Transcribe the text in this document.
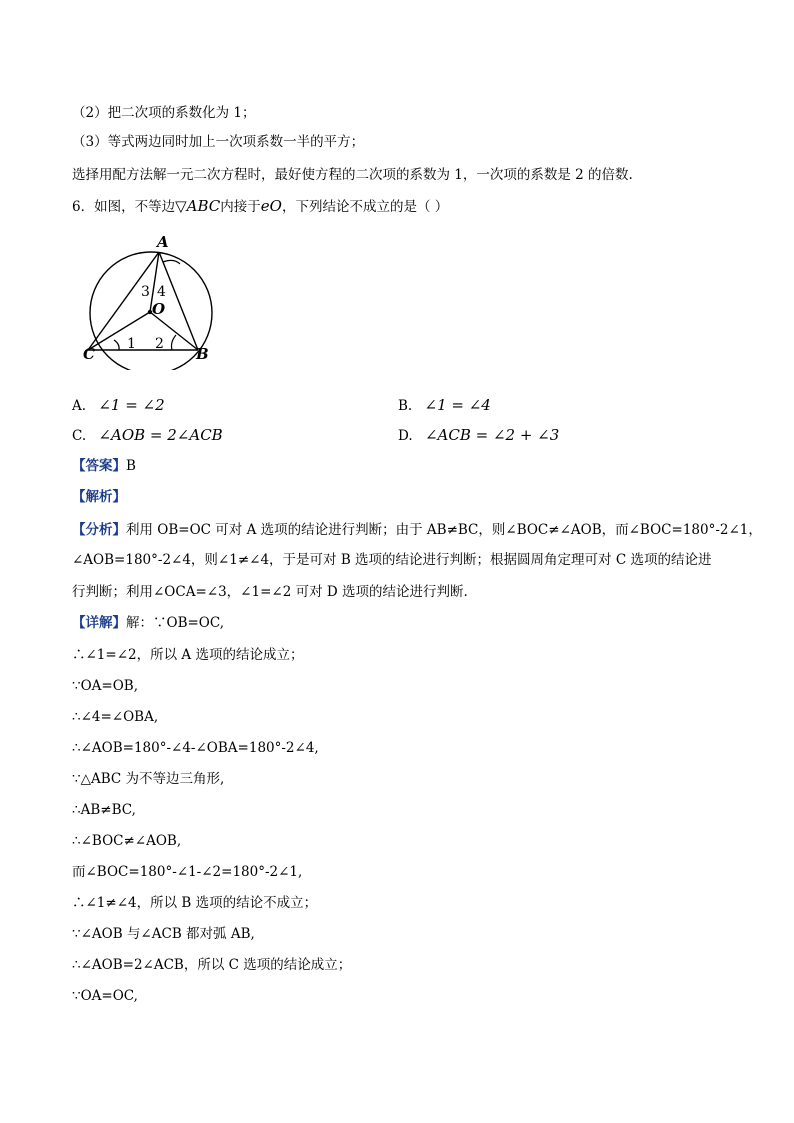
（2）把二次项的系数化为 1；
（3）等式两边同时加上一次项系数一半的平方；
选择用配方法解一元二次方程时，最好使方程的二次项的系数为 1，一次项的系数是 2 的倍数.
6．如图，不等边▽ABC内接于eO，下列结论不成立的是（ ）
A
B
C
O
1 2
3 4
A. ∠1 = ∠2	B. ∠1 = ∠4
C. ∠AOB = 2∠ACB	D. ∠ACB = ∠2 + ∠3
【答案】B
【解析】
【分析】利用 OB=OC 可对 A 选项的结论进行判断；由于 AB≠BC，则∠BOC≠∠AOB，而∠BOC=180°-2∠1，
∠AOB=180°-2∠4，则∠1≠∠4，于是可对 B 选项的结论进行判断；根据圆周角定理可对 C 选项的结论进
行判断；利用∠OCA=∠3，∠1=∠2 可对 D 选项的结论进行判断.
【详解】解：∵OB=OC,
∴∠1=∠2，所以 A 选项的结论成立；
∵OA=OB,
∴∠4=∠OBA,
∴∠AOB=180°-∠4-∠OBA=180°-2∠4,
∵△ABC 为不等边三角形,
∴AB≠BC,
∴∠BOC≠∠AOB,
而∠BOC=180°-∠1-∠2=180°-2∠1,
∴∠1≠∠4，所以 B 选项的结论不成立；
∵∠AOB 与∠ACB 都对弧 AB,
∴∠AOB=2∠ACB，所以 C 选项的结论成立；
∵OA=OC,
